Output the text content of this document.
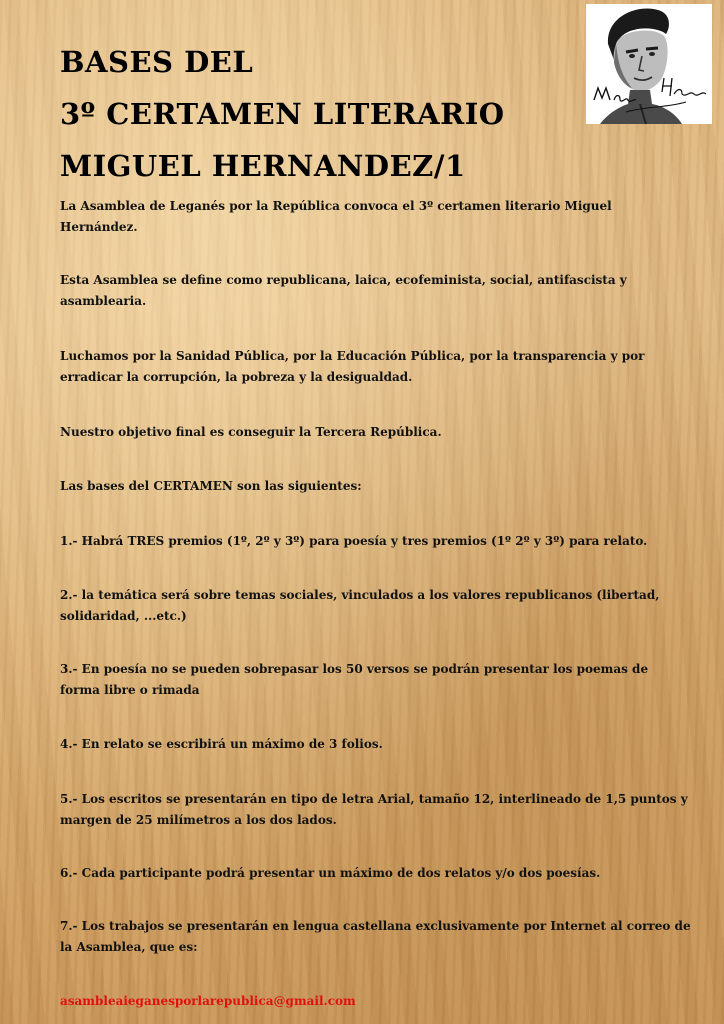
BASES DEL
3º CERTAMEN LITERARIO
MIGUEL HERNANDEZ/1

La Asamblea de Leganés por la República convoca el 3º certamen literario Miguel Hernández.

Esta Asamblea se define como republicana, laica, ecofeminista, social, antifascista y asamblearia.

Luchamos por la Sanidad Pública, por la Educación Pública, por la transparencia y por erradicar la corrupción, la pobreza y la desigualdad.

Nuestro objetivo final es conseguir la Tercera República.

Las bases del CERTAMEN son las siguientes:

1.- Habrá TRES premios (1º, 2º y 3º) para poesía y tres premios (1º 2º y 3º) para relato.

2.- la temática será sobre temas sociales, vinculados a los valores republicanos (libertad, solidaridad, ...etc.)

3.- En poesía no se pueden sobrepasar los 50 versos se podrán presentar los poemas de forma libre o rimada

4.- En relato se escribirá un máximo de 3 folios.

5.- Los escritos se presentarán en tipo de letra Arial, tamaño 12, interlineado de 1,5 puntos y margen de 25 milímetros a los dos lados.

6.- Cada participante podrá presentar un máximo de dos relatos y/o dos poesías.

7.- Los trabajos se presentarán en lengua castellana exclusivamente por Internet al correo de la Asamblea, que es:

asambleaieganesporlarepublica@gmail.com
